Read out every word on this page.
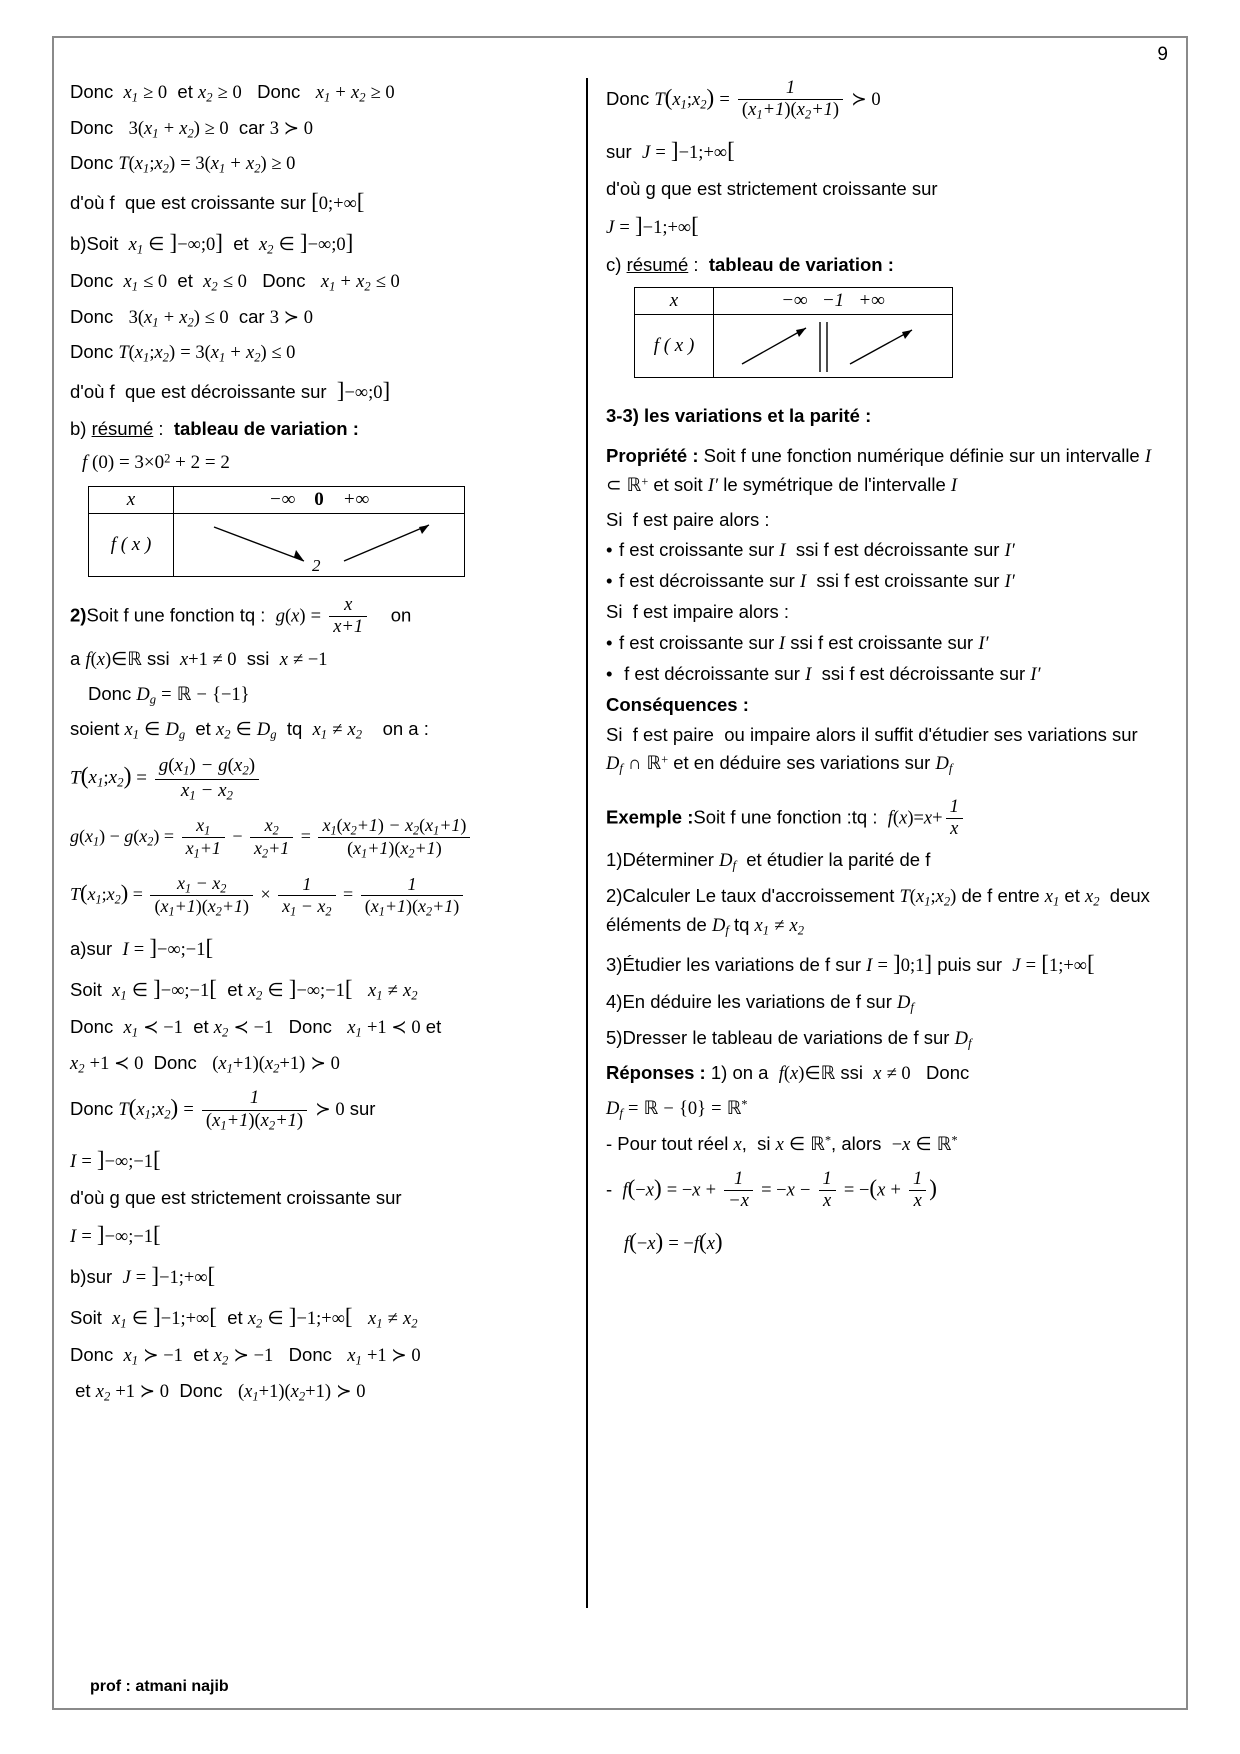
9
Donc  $x_1 \ge 0$  et $x_2 \ge 0$   Donc   $x_1 + x_2 \ge 0$
Donc   $3(x_1 + x_2) \ge 0$  car 3 ≻ 0
Donc $T(x_1;x_2) = 3(x_1 + x_2) \ge 0$
d'où f  que est croissante sur [0;+∞[
b)Soit  $x_1$ ∈ ]−∞;0]  et  $x_2$ ∈ ]−∞;0]
Donc  $x_1 \le 0$  et  $x_2 \le 0$   Donc   $x_1 + x_2 \le 0$
Donc   $3(x_1 + x_2) \le 0$  car 3 ≻ 0
Donc $T(x_1;x_2) = 3(x_1 + x_2) \le 0$
d'où f  que est décroissante sur  ]−∞;0]
b) résumé :  tableau de variation :
f $(0) = 3\times 0^2 + 2 = 2$
x	−∞ 0 +∞
f ( x )	2
2)Soit f une fonction tq :  $g(x) = \frac{x}{x+1}$ on
a f(x)∈ℝ ssi  x+1 ≠ 0  ssi  x ≠ −1
Donc $D_g$ = ℝ − {−1}
soient $x_1$ ∈ $D_g$  et $x_2$ ∈ $D_g$  tq  $x_1 \ne x_2$    on a :
$T(x_1;x_2) = \frac{g(x_1) - g(x_2)}{x_1 - x_2}$
$g(x_1) - g(x_2) = \frac{x_1}{x_1+1} - \frac{x_2}{x_2+1} = \frac{x_1(x_2+1) - x_2(x_1+1)}{(x_1+1)(x_2+1)}$
$T(x_1;x_2) = \frac{x_1 - x_2}{(x_1+1)(x_2+1)} \times \frac{1}{x_1 - x_2} = \frac{1}{(x_1+1)(x_2+1)}$
a)sur  I = ]−∞;−1[
Soit  $x_1$ ∈ ]−∞;−1[  et $x_2$ ∈ ]−∞;−1[ $x_1 \ne x_2$
Donc  $x_1$ ≺ −1  et $x_2$ ≺ −1   Donc   $x_1 +1$ ≺ 0 et
$x_2 +1$ ≺ 0  Donc   $(x_1+1)(x_2+1)$ ≻ 0
Donc $T(x_1;x_2) = \frac{1}{(x_1+1)(x_2+1)}$ ≻ 0 sur
I = ]−∞;−1[
d'où g que est strictement croissante sur
I = ]−∞;−1[
b)sur  J = ]−1;+∞[
Soit  $x_1$ ∈ ]−1;+∞[  et $x_2$ ∈ ]−1;+∞[ $x_1 \ne x_2$
Donc  $x_1$ ≻ −1  et $x_2$ ≻ −1   Donc   $x_1 +1$ ≻ 0
et $x_2 +1$ ≻ 0  Donc   $(x_1+1)(x_2+1)$ ≻ 0
Donc $T(x_1;x_2) = \frac{1}{(x_1+1)(x_2+1)}$ ≻ 0
sur  J = ]−1;+∞[
d'où g que est strictement croissante sur
J = ]−1;+∞[
c) résumé :  tableau de variation :
x	−∞   −1   +∞
f ( x )	
3-3) les variations et la parité :
Propriété : Soit f une fonction numérique définie sur un intervalle I ⊂ ℝ+ et soit I′ le symétrique de l'intervalle I
Si  f est paire alors :
• f est croissante sur I  ssi f est décroissante sur I′
• f est décroissante sur I  ssi f est croissante sur I′
Si  f est impaire alors :
• f est croissante sur I ssi f est croissante sur I′
• f est décroissante sur I  ssi f est décroissante sur I′
Conséquences :
Si  f est paire  ou impaire alors il suffit d'étudier ses variations sur $D_f$ ∩ ℝ+ et en déduire ses variations sur $D_f$
Exemple :Soit f une fonction :tq :  $f(x)=x+ \frac{1}{x}$
1)Déterminer $D_f$  et étudier la parité de f
2)Calculer Le taux d'accroissement $T(x_1;x_2)$ de f entre $x_1$ et $x_2$  deux éléments de $D_f$ tq $x_1 \ne x_2$
3)Étudier les variations de f sur I = ]0;1] puis sur  J = [1;+∞[
4)En déduire les variations de f sur $D_f$
5)Dresser le tableau de variations de f sur $D_f$
Réponses : 1) on a  f(x)∈ℝ ssi  x ≠ 0   Donc
$D_f$ = ℝ − {0} = ℝ*
- Pour tout réel x,  si x ∈ ℝ*, alors  −x ∈ ℝ*
-  $f(-x) = -x + \frac{1}{-x} = -x - \frac{1}{x} = -(x + \frac{1}{x}$ )
f(−x) = −f(x)
prof : atmani najib
